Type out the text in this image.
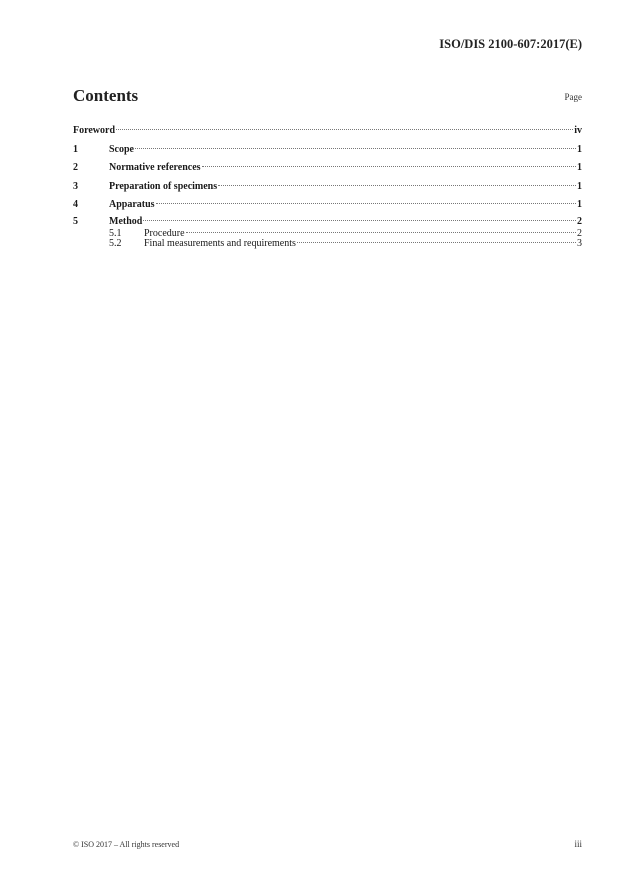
ISO/DIS 2100-607:2017(E)
Contents	Page
Foreword	iv
1	Scope	1
2	Normative references	1
3	Preparation of specimens	1
4	Apparatus	1
5	Method	2
5.1	Procedure	2
5.2	Final measurements and requirements	3
© ISO 2017 – All rights reserved	iii
